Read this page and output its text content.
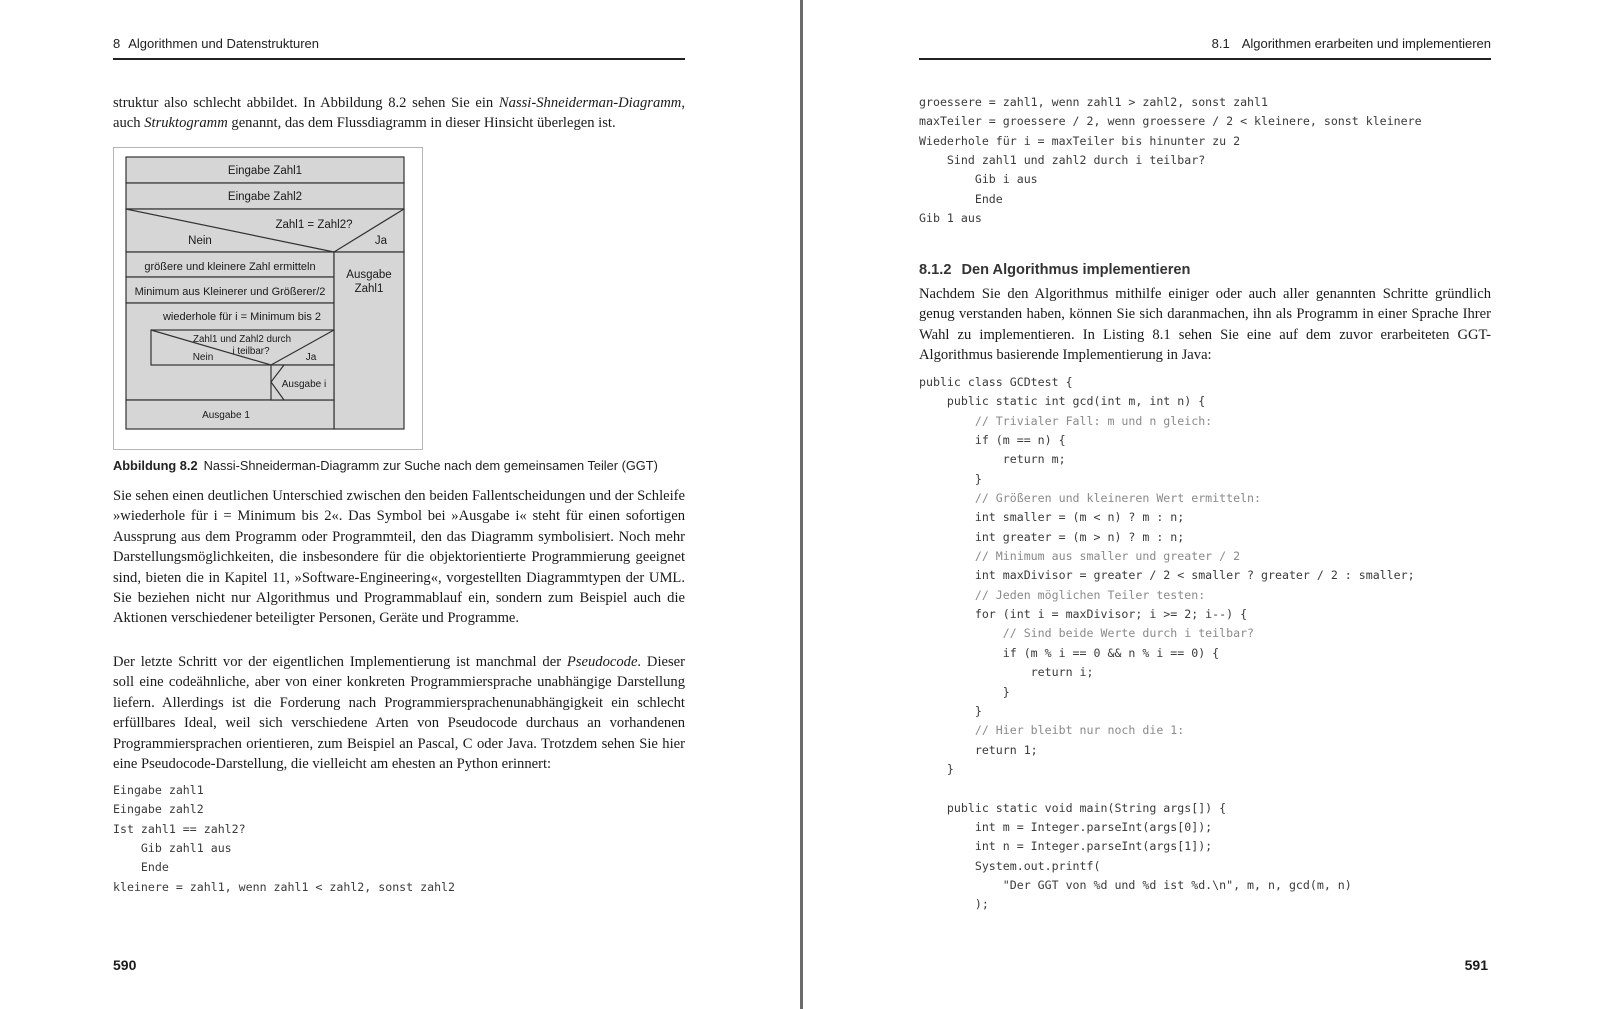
8 Algorithmen und Datenstrukturen
struktur also schlecht abbildet. In Abbildung 8.2 sehen Sie ein Nassi-Shneiderman-Diagramm, auch Struktogramm genannt, das dem Flussdiagramm in dieser Hinsicht überlegen ist.
Eingabe Zahl1
Eingabe Zahl2
Zahl1 = Zahl2?
Nein	Ja
größere und kleinere Zahl ermitteln
Minimum aus Kleinerer und Größerer/2
Ausgabe
Zahl1
wiederhole für i = Minimum bis 2
Zahl1 und Zahl2 durch
i teilbar?
Nein	Ja
Ausgabe i
Ausgabe 1
Abbildung 8.2 Nassi-Shneiderman-Diagramm zur Suche nach dem gemeinsamen Teiler (GGT)
Sie sehen einen deutlichen Unterschied zwischen den beiden Fallentscheidungen und der Schleife »wiederhole für i = Minimum bis 2«. Das Symbol bei »Ausgabe i« steht für einen sofortigen Aussprung aus dem Programm oder Programmteil, den das Diagramm symbolisiert. Noch mehr Darstellungsmöglichkeiten, die insbesondere für die objektorientierte Programmierung geeignet sind, bieten die in Kapitel 11, »Software-Engineering«, vorgestellten Diagrammtypen der UML. Sie beziehen nicht nur Algorithmus und Programmablauf ein, sondern zum Beispiel auch die Aktionen verschiedener beteiligter Personen, Geräte und Programme.
Der letzte Schritt vor der eigentlichen Implementierung ist manchmal der Pseudocode. Dieser soll eine codeähnliche, aber von einer konkreten Programmiersprache unabhängige Darstellung liefern. Allerdings ist die Forderung nach Programmiersprachenunabhängigkeit ein schlecht erfüllbares Ideal, weil sich verschiedene Arten von Pseudocode durchaus an vorhandenen Programmiersprachen orientieren, zum Beispiel an Pascal, C oder Java. Trotzdem sehen Sie hier eine Pseudocode-Darstellung, die vielleicht am ehesten an Python erinnert:
Eingabe zahl1
Eingabe zahl2
Ist zahl1 == zahl2?
Gib zahl1 aus
Ende
kleinere = zahl1, wenn zahl1 < zahl2, sonst zahl2
590
8.1 Algorithmen erarbeiten und implementieren
groessere = zahl1, wenn zahl1 > zahl2, sonst zahl1
maxTeiler = groessere / 2, wenn groessere / 2 < kleinere, sonst kleinere
Wiederhole für i = maxTeiler bis hinunter zu 2
Sind zahl1 und zahl2 durch i teilbar?
Gib i aus
Ende
Gib 1 aus
8.1.2 Den Algorithmus implementieren
Nachdem Sie den Algorithmus mithilfe einiger oder auch aller genannten Schritte gründlich genug verstanden haben, können Sie sich daranmachen, ihn als Programm in einer Sprache Ihrer Wahl zu implementieren. In Listing 8.1 sehen Sie eine auf dem zuvor erarbeiteten GGT-Algorithmus basierende Implementierung in Java:
public class GCDtest {
public static int gcd(int m, int n) {
// Trivialer Fall: m und n gleich:
if (m == n) {
return m;
}
// Größeren und kleineren Wert ermitteln:
int smaller = (m < n) ? m : n;
int greater = (m > n) ? m : n;
// Minimum aus smaller und greater / 2
int maxDivisor = greater / 2 < smaller ? greater / 2 : smaller;
// Jeden möglichen Teiler testen:
for (int i = maxDivisor; i >= 2; i--) {
// Sind beide Werte durch i teilbar?
if (m % i == 0 && n % i == 0) {
return i;
}
}
// Hier bleibt nur noch die 1:
return 1;
}

public static void main(String args[]) {
int m = Integer.parseInt(args[0]);
int n = Integer.parseInt(args[1]);
System.out.printf(
"Der GGT von %d und %d ist %d.\n", m, n, gcd(m, n)
);

591
